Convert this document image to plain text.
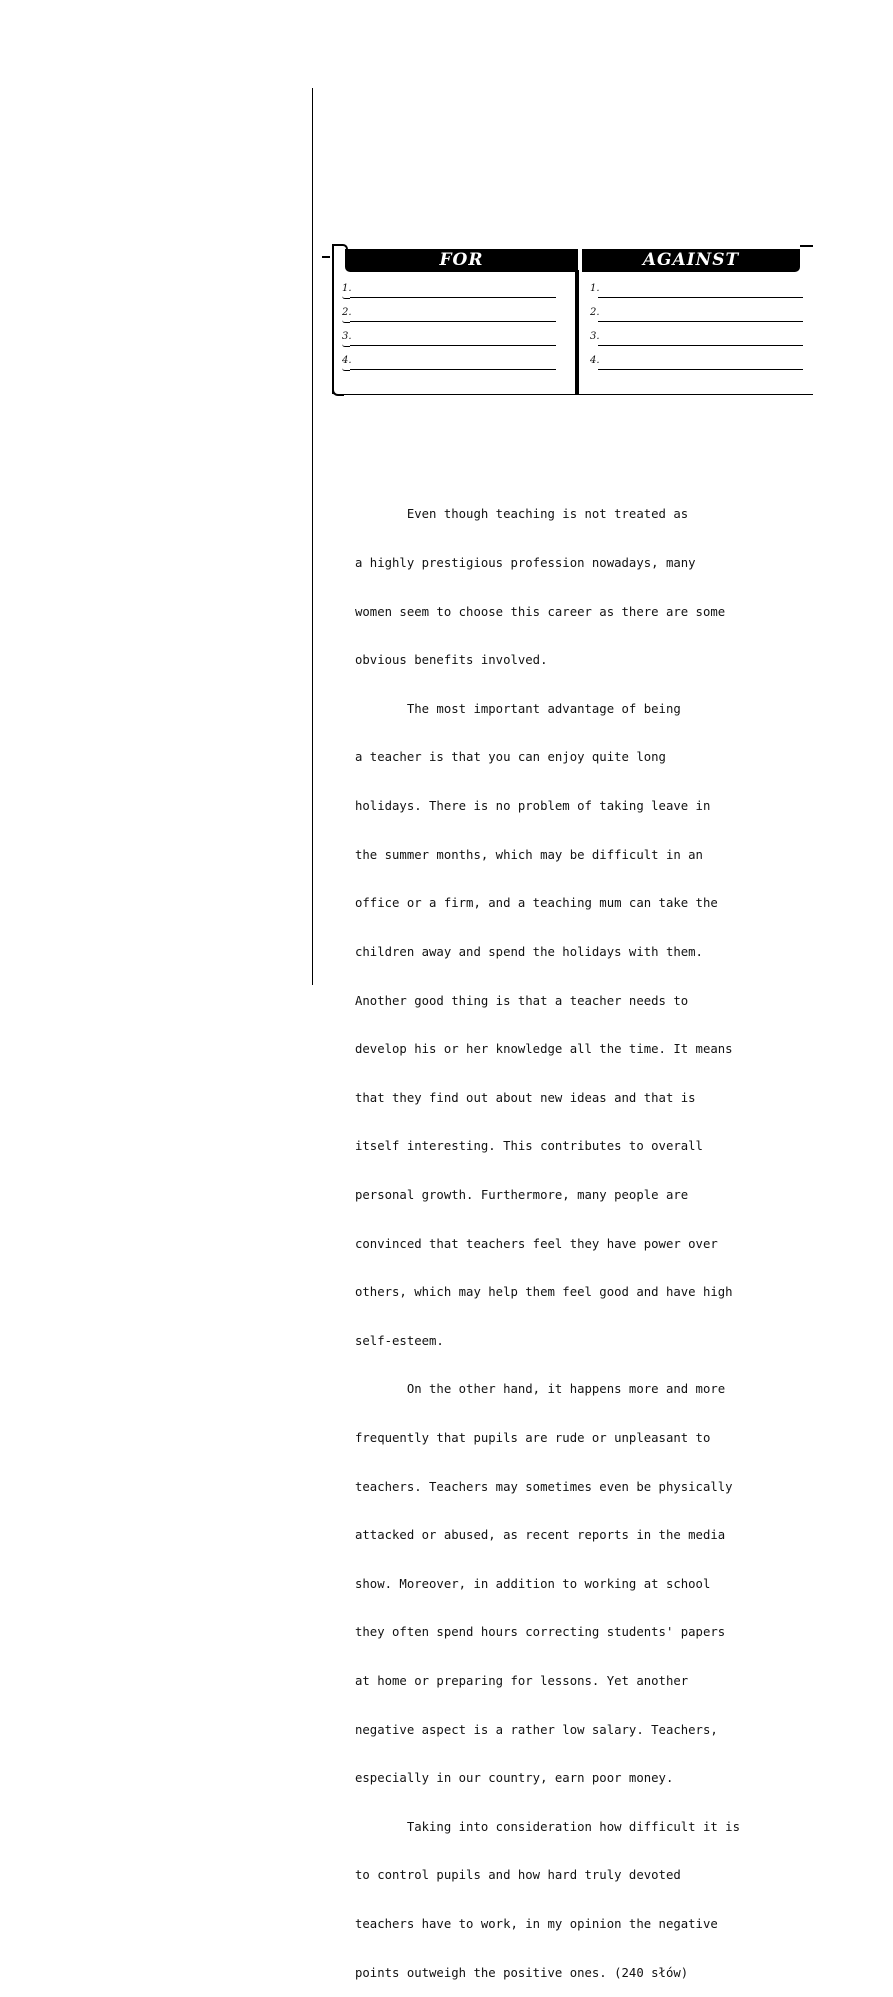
FOR	AGAINST
1.
2.
3.
4.
1.
2.
3.
4.

Even though teaching is not treated as

a highly prestigious profession nowadays, many

women seem to choose this career as there are some

obvious benefits involved.

The most important advantage of being

a teacher is that you can enjoy quite long

holidays. There is no problem of taking leave in

the summer months, which may be difficult in an

office or a firm, and a teaching mum can take the

children away and spend the holidays with them.

Another good thing is that a teacher needs to

develop his or her knowledge all the time. It means

that they find out about new ideas and that is

itself interesting. This contributes to overall

personal growth. Furthermore, many people are

convinced that teachers feel they have power over

others, which may help them feel good and have high

self-esteem.

On the other hand, it happens more and more

frequently that pupils are rude or unpleasant to

teachers. Teachers may sometimes even be physically

attacked or abused, as recent reports in the media

show. Moreover, in addition to working at school

they often spend hours correcting students' papers

at home or preparing for lessons. Yet another

negative aspect is a rather low salary. Teachers,

especially in our country, earn poor money.

Taking into consideration how difficult it is

to control pupils and how hard truly devoted

teachers have to work, in my opinion the negative

points outweigh the positive ones. (240 słów)
